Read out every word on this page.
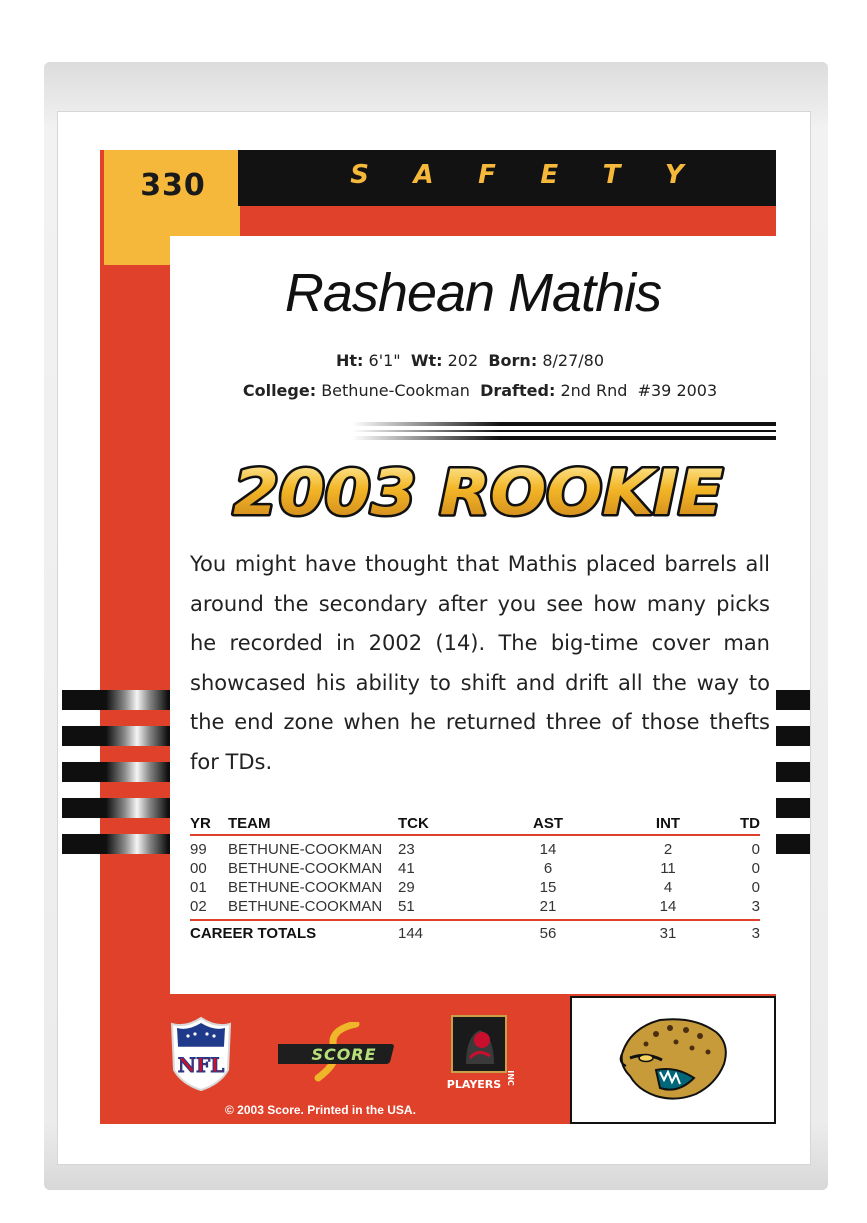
330	S A F E T Y
Rashean Mathis
Ht: 6'1" Wt: 202 Born: 8/27/80
College: Bethune-Cookman Drafted: 2nd Rnd  #39 2003
2003 ROOKIE
You might have thought that Mathis placed barrels all around the secondary after you see how many picks he recorded in 2002 (14). The big-time cover man showcased his ability to shift and drift all the way to the end zone when he returned three of those thefts for TDs.
YR	TEAM	TCK	AST	INT	TD
99	BETHUNE-COOKMAN	23	14	2	0
00	BETHUNE-COOKMAN	41	6	11	0
01	BETHUNE-COOKMAN	29	15	4	0
02	BETHUNE-COOKMAN	51	21	14	3
CAREER TOTALS	144	56	31	3
NFL	SCORE
PLAYERS INC
© 2003 Score. Printed in the USA.
